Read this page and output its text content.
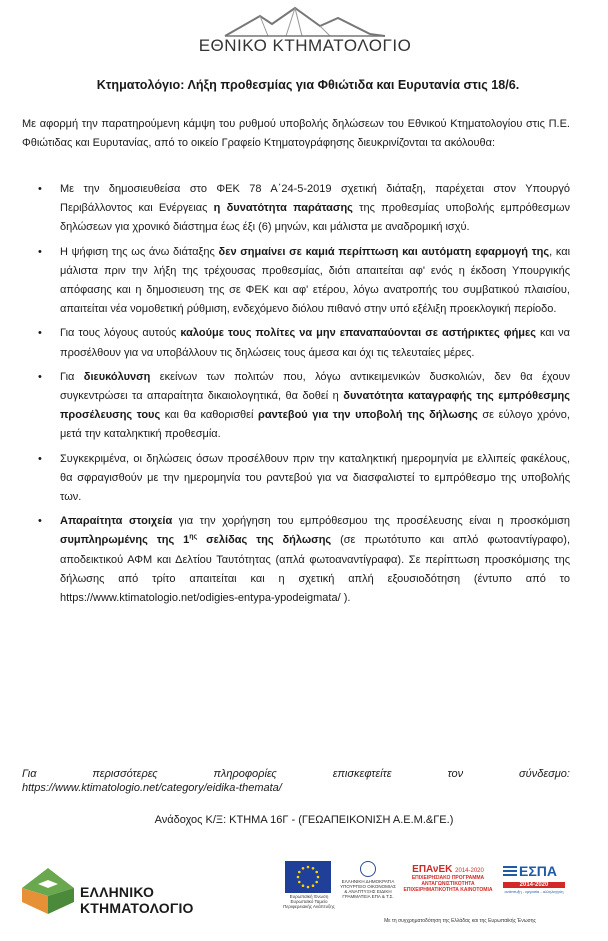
ΕΘΝΙΚΟ ΚΤΗΜΑΤΟΛΟΓΙΟ
Κτηματολόγιο: Λήξη προθεσμίας για Φθιώτιδα και Ευρυτανία στις 18/6.
Με αφορμή την παρατηρούμενη κάμψη του ρυθμού υποβολής δηλώσεων του Εθνικού Κτηματολογίου στις Π.Ε. Φθιώτιδας και Ευρυτανίας, από το οικείο Γραφείο Κτηματογράφησης διευκρινίζονται τα ακόλουθα:
• Με την δημοσιευθείσα στο ΦΕΚ 78 Α΄24-5-2019 σχετική διάταξη, παρέχεται στον Υπουργό Περιβάλλοντος και Ενέργειας η δυνατότητα παράτασης της προθεσμίας υποβολής εμπρόθεσμων δηλώσεων για χρονικό διάστημα έως έξι (6) μηνών, και μάλιστα με αναδρομική ισχύ.
• Η ψήφιση της ως άνω διάταξης δεν σημαίνει σε καμιά περίπτωση και αυτόματη εφαρμογή της, και μάλιστα πριν την λήξη της τρέχουσας προθεσμίας, διότι απαιτείται αφ' ενός η έκδοση Υπουργικής απόφασης και η δημοσιευση της σε ΦΕΚ και αφ' ετέρου, λόγω ανατροπής του συμβατικού πλαισίου, απαιτείται νέα νομοθετική ρύθμιση, ενδεχόμενο διόλου πιθανό στην υπό εξέλιξη προεκλογική περίοδο.
• Για τους λόγους αυτούς καλούμε τους πολίτες να μην επαναπαύονται σε αστήρικτες φήμες και να προσέλθουν για να υποβάλλουν τις δηλώσεις τους άμεσα και όχι τις τελευταίες μέρες.
• Για διευκόλυνση εκείνων των πολιτών που, λόγω αντικειμενικών δυσκολιών, δεν θα έχουν συγκεντρώσει τα απαραίτητα δικαιολογητικά, θα δοθεί η δυνατότητα καταγραφής της εμπρόθεσμης προσέλευσης τους και θα καθορισθεί ραντεβού για την υποβολή της δήλωσης σε εύλογο χρόνο, μετά την καταληκτική προθεσμία.
• Συγκεκριμένα, οι δηλώσεις όσων προσέλθουν πριν την καταληκτική ημερομηνία με ελλιπείς φακέλους, θα σφραγισθούν με την ημερομηνία του ραντεβού για να διασφαλιστεί το εμπρόθεσμο της υποβολής των.
• Απαραίτητα στοιχεία για την χορήγηση του εμπρόθεσμου της προσέλευσης είναι η προσκόμιση συμπληρωμένης της $1^{\eta\varsigma}$ σελίδας της δήλωσης (σε πρωτότυπο και απλό φωτοαντίγραφο), αποδεικτικού ΑΦΜ και Δελτίου Ταυτότητας (απλά φωτοαναντίγραφα). Σε περίπτωση προσκόμισης της δήλωσης από τρίτο απαιτείται και η σχετική απλή εξουσιοδότηση (έντυπο από το https://www.ktimatologio.net/odigies-entypa-ypodeigmata/ ).
Για περισσότερες πληροφορίες επισκεφτείτε τον σύνδεσμο:
https://www.ktimatologio.net/category/eidika-themata/
Ανάδοχος Κ/Ξ: ΚΤΗΜΑ 16Γ - (ΓΕΩΑΠΕΙΚΟΝΙΣΗ Α.Ε.Μ.&ΓΕ.)
ΕΛΛΗΝΙΚΟ ΚΤΗΜΑΤΟΛΟΓΙΟ
Ευρωπαϊκή Ένωση Ευρωπαϊκό Ταμείο Περιφερειακής Ανάπτυξης
ΕΛΛΗΝΙΚΗ ΔΗΜΟΚΡΑΤΙΑ ΥΠΟΥΡΓΕΙΟ ΟΙΚΟΝΟΜΙΑΣ & ΑΝΑΠΤΥΞΗΣ ΕΙΔΙΚΗ ΓΡΑΜΜΑΤΕΙΑ ΕΠΑ & Τ.Σ.
ΕΠΑνΕΚ 2014-2020
ΕΠΙΧΕΙΡΗΣΙΑΚΟ ΠΡΟΓΡΑΜΜΑ ΑΝΤΑΓΩΝΙΣΤΙΚΟΤΗΤΑ ΕΠΙΧΕΙΡΗΜΑΤΙΚΟΤΗΤΑ ΚΑΙΝΟΤΟΜΙΑ
ΕΣΠΑ
2014-2020
ανάπτυξη - εργασία - αλληλεγγύη
Με τη συγχρηματοδότηση της Ελλάδας και της Ευρωπαϊκής Ένωσης
